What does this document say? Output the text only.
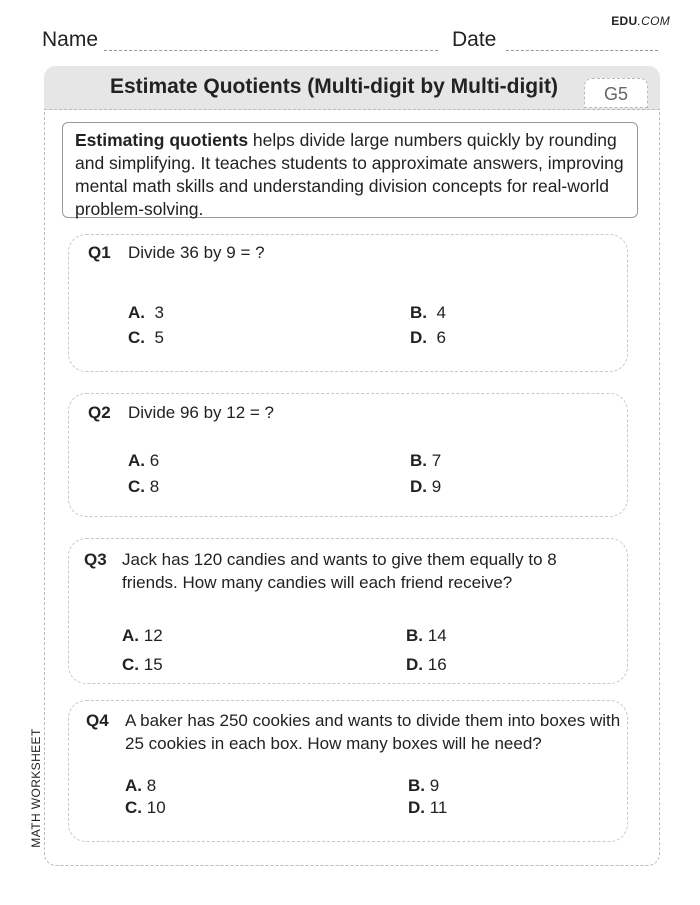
EDU.COM
Name	Date
MATH WORKSHEET
Estimate Quotients (Multi-digit by Multi-digit)	G5
Estimating quotients helps divide large numbers quickly by rounding and simplifying. It teaches students to approximate answers, improving mental math skills and understanding division concepts for real-world problem-solving.
Q1 Divide 36 by 9 = ?
A. 3	B. 4
C. 5	D. 6
Q2 Divide 96 by 12 = ?
A. 6	B. 7
C. 8	D. 9
Q3 Jack has 120 candies and wants to give them equally to 8 friends. How many candies will each friend receive?
A. 12	B. 14
C. 15	D. 16
Q4 A baker has 250 cookies and wants to divide them into boxes with 25 cookies in each box. How many boxes will he need?
A. 8	B. 9
C. 10	D. 11
